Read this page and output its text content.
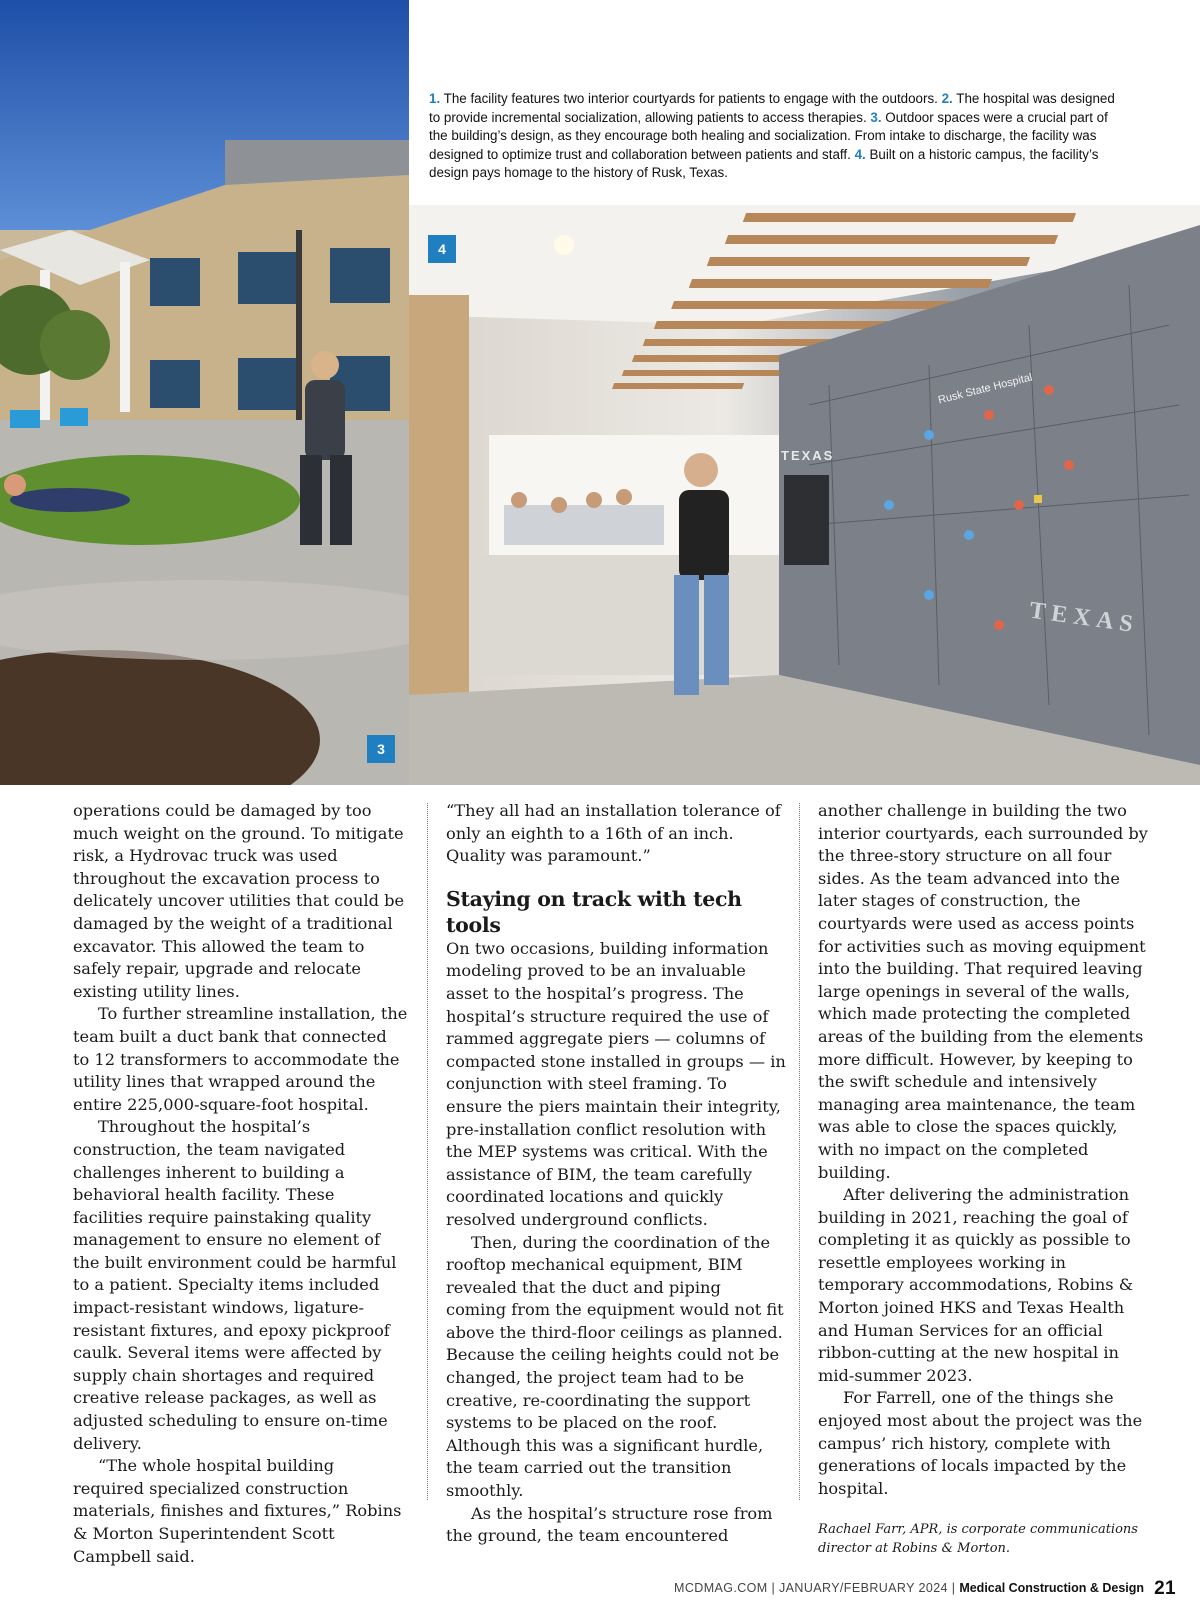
3
1. The facility features two interior courtyards for patients to engage with the outdoors. 2. The hospital was designed to provide incremental socialization, allowing patients to access therapies. 3. Outdoor spaces were a crucial part of the building’s design, as they encourage both healing and socialization. From intake to discharge, the facility was designed to optimize trust and collaboration between patients and staff. 4. Built on a historic campus, the facility’s design pays homage to the history of Rusk, Texas.
TEXAS
Rusk State Hospital
TEXAS
4

operations could be damaged by too much weight on the ground. To mitigate risk, a Hydrovac truck was used throughout the excavation process to delicately uncover utilities that could be damaged by the weight of a traditional excavator. This allowed the team to safely repair, upgrade and relocate existing utility lines.

To further streamline installation, the team built a duct bank that connected to 12 transformers to accommodate the utility lines that wrapped around the entire 225,000-square-foot hospital.

Throughout the hospital’s construction, the team navigated challenges inherent to building a behavioral health facility. These facilities require painstaking quality management to ensure no element of the built environment could be harmful to a patient. Specialty items included impact-resistant windows, ligature-resistant fixtures, and epoxy pickproof caulk. Several items were affected by supply chain shortages and required creative release packages, as well as adjusted scheduling to ensure on-time delivery.

“The whole hospital building required specialized construction materials, finishes and fixtures,” Robins & Morton Superintendent Scott Campbell said.

“They all had an installation tolerance of only an eighth to a 16th of an inch. Quality was paramount.”

Staying on track with tech tools

On two occasions, building information modeling proved to be an invaluable asset to the hospital’s progress. The hospital’s structure required the use of rammed aggregate piers — columns of compacted stone installed in groups — in conjunction with steel framing. To ensure the piers maintain their integrity, pre-installation conflict resolution with the MEP systems was critical. With the assistance of BIM, the team carefully coordinated locations and quickly resolved underground conflicts.

Then, during the coordination of the rooftop mechanical equipment, BIM revealed that the duct and piping coming from the equipment would not fit above the third-floor ceilings as planned. Because the ceiling heights could not be changed, the project team had to be creative, re-coordinating the support systems to be placed on the roof. Although this was a significant hurdle, the team carried out the transition smoothly.

As the hospital’s structure rose from the ground, the team encountered

another challenge in building the two interior courtyards, each surrounded by the three-story structure on all four sides. As the team advanced into the later stages of construction, the courtyards were used as access points for activities such as moving equipment into the building. That required leaving large openings in several of the walls, which made protecting the completed areas of the building from the elements more difficult. However, by keeping to the swift schedule and intensively managing area maintenance, the team was able to close the spaces quickly, with no impact on the completed building.

After delivering the administration building in 2021, reaching the goal of completing it as quickly as possible to resettle employees working in temporary accommodations, Robins & Morton joined HKS and Texas Health and Human Services for an official ribbon-cutting at the new hospital in mid-summer 2023.

For Farrell, one of the things she enjoyed most about the project was the campus’ rich history, complete with generations of locals impacted by the hospital.

Rachael Farr, APR, is corporate communications director at Robins & Morton.

MCDMAG.COM | JANUARY/FEBRUARY 2024 | Medical Construction & Design 21
